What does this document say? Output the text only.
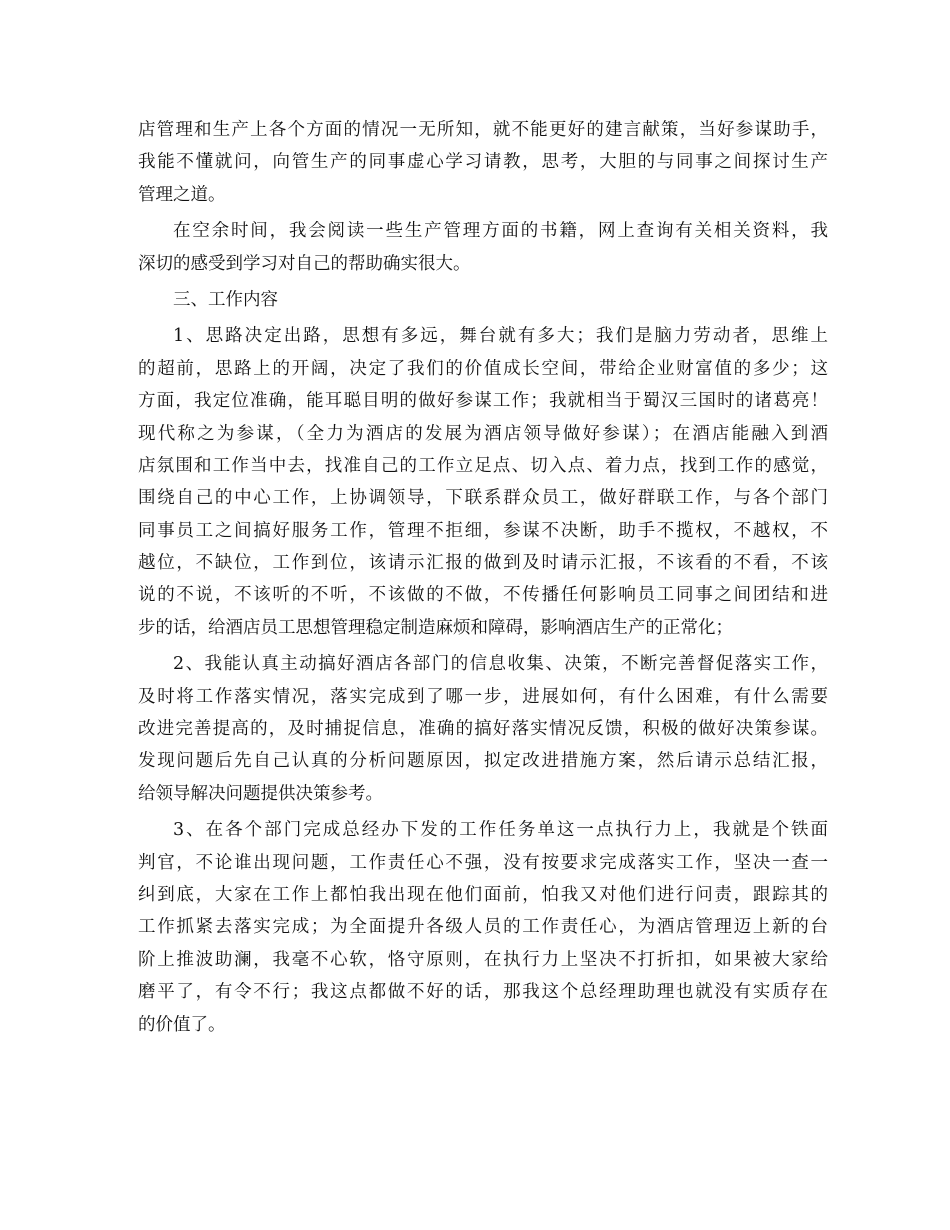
店管理和生产上各个方面的情况一无所知，就不能更好的建言献策，当好参谋助手，
我能不懂就问，向管生产的同事虚心学习请教，思考，大胆的与同事之间探讨生产
管理之道。
在空余时间，我会阅读一些生产管理方面的书籍，网上查询有关相关资料，我
深切的感受到学习对自己的帮助确实很大。
三、工作内容
1、思路决定出路，思想有多远，舞台就有多大；我们是脑力劳动者，思维上
的超前，思路上的开阔，决定了我们的价值成长空间，带给企业财富值的多少；这
方面，我定位准确，能耳聪目明的做好参谋工作；我就相当于蜀汉三国时的诸葛亮！
现代称之为参谋，（全力为酒店的发展为酒店领导做好参谋）；在酒店能融入到酒
店氛围和工作当中去，找准自己的工作立足点、切入点、着力点，找到工作的感觉，
围绕自己的中心工作，上协调领导，下联系群众员工，做好群联工作，与各个部门
同事员工之间搞好服务工作，管理不拒细，参谋不决断，助手不揽权，不越权，不
越位，不缺位，工作到位，该请示汇报的做到及时请示汇报，不该看的不看，不该
说的不说，不该听的不听，不该做的不做，不传播任何影响员工同事之间团结和进
步的话，给酒店员工思想管理稳定制造麻烦和障碍，影响酒店生产的正常化；
2、我能认真主动搞好酒店各部门的信息收集、决策，不断完善督促落实工作，
及时将工作落实情况，落实完成到了哪一步，进展如何，有什么困难，有什么需要
改进完善提高的，及时捕捉信息，准确的搞好落实情况反馈，积极的做好决策参谋。
发现问题后先自己认真的分析问题原因，拟定改进措施方案，然后请示总结汇报，
给领导解决问题提供决策参考。
3、在各个部门完成总经办下发的工作任务单这一点执行力上，我就是个铁面
判官，不论谁出现问题，工作责任心不强，没有按要求完成落实工作，坚决一查一
纠到底，大家在工作上都怕我出现在他们面前，怕我又对他们进行问责，跟踪其的
工作抓紧去落实完成；为全面提升各级人员的工作责任心，为酒店管理迈上新的台
阶上推波助澜，我毫不心软，恪守原则，在执行力上坚决不打折扣，如果被大家给
磨平了，有令不行；我这点都做不好的话，那我这个总经理助理也就没有实质存在
的价值了。
